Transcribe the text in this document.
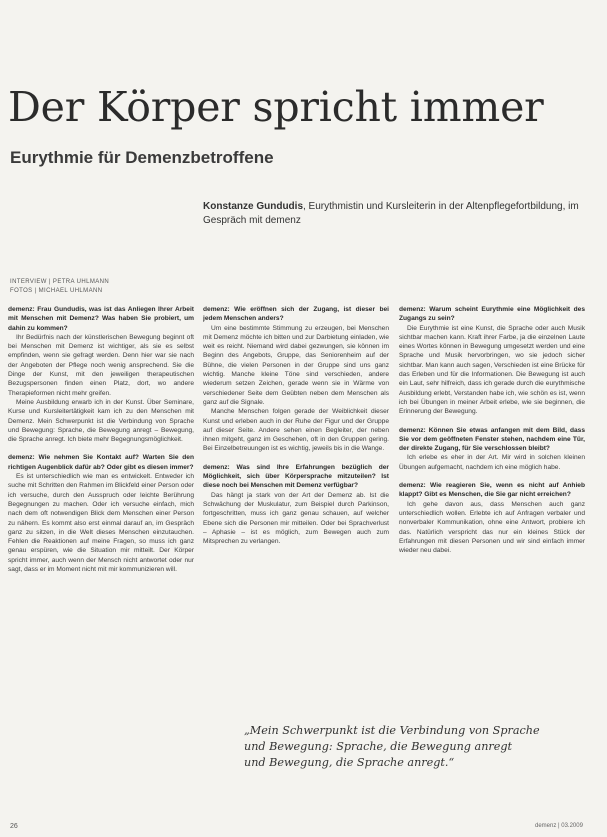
Der Körper spricht immer
Eurythmie für Demenzbetroffene
Konstanze Gundudis, Eurythmistin und Kursleiterin in der Altenpflegefortbildung, im Gespräch mit demenz
INTERVIEW | PETRA UHLMANN
FOTOS | MICHAEL UHLMANN

demenz: Frau Gundudis, was ist das Anliegen Ihrer Arbeit mit Menschen mit Demenz? Was haben Sie probiert, um dahin zu kommen?

Ihr Bedürfnis nach der künstlerischen Bewegung beginnt oft bei Menschen mit Demenz ist wichtiger, als sie es selbst empfinden, wenn sie gefragt werden. Denn hier war sie nach der Angeboten der Pflege noch wenig ansprechend. Sie die Dinge der Kunst, mit den jeweiligen therapeutischen Bezugspersonen finden einen Platz, dort, wo andere Therapieformen nicht mehr greifen.

Meine Ausbildung erwarb ich in der Kunst. Über Seminare, Kurse und Kursleitertätigkeit kam ich zu den Menschen mit Demenz. Mein Schwerpunkt ist die Verbindung von Sprache und Bewegung: Sprache, die Bewegung anregt – Bewegung, die Sprache anregt. Ich biete mehr Begegnungsmöglichkeit.

demenz: Wie nehmen Sie Kontakt auf? Warten Sie den richtigen Augenblick dafür ab? Oder gibt es diesen immer?

Es ist unterschiedlich wie man es entwickelt. Entweder ich suche mit Schritten den Rahmen im Blickfeld einer Person oder ich versuche, durch den Ausspruch oder leichte Berührung Begegnungen zu machen. Oder ich versuche einfach, mich nach dem oft notwendigen Blick dem Menschen einer Person zu nähern. Es kommt also erst einmal darauf an, im Gespräch ganz zu sitzen, in die Welt dieses Menschen einzutauchen. Fehlen die Reaktionen auf meine Fragen, so muss ich ganz genau erspüren, wie die Situation mir mitteilt. Der Körper spricht immer, auch wenn der Mensch nicht antwortet oder nur sagt, dass er im Moment nicht mit mir kommunizieren will.

demenz: Wie eröffnen sich der Zugang, ist dieser bei jedem Menschen anders?

Um eine bestimmte Stimmung zu erzeugen, bei Menschen mit Demenz möchte ich bitten und zur Darbietung einladen, wie weit es reicht. Niemand wird dabei gezwungen, sie können im Beginn des Angebots, Gruppe, das Seniorenheim auf der Bühne, die vielen Personen in der Gruppe sind uns ganz wichtig. Manche kleine Töne sind verschieden, andere wiederum setzen Zeichen, gerade wenn sie in Wärme von verschiedener Seite dem Geübten neben dem Menschen als ganz auf die Signale.

Manche Menschen folgen gerade der Weiblichkeit dieser Kunst und erleben auch in der Ruhe der Figur und der Gruppe auf dieser Seite. Andere sehen einen Begleiter, der neben ihnen mitgeht, ganz im Geschehen, oft in den Gruppen gering. Bei Einzelbetreuungen ist es wichtig, jeweils bis in die Wange.

demenz: Was sind Ihre Erfahrungen bezüglich der Möglichkeit, sich über Körpersprache mitzuteilen? Ist diese noch bei Menschen mit Demenz verfügbar?

Das hängt ja stark von der Art der Demenz ab. Ist die Schwächung der Muskulatur, zum Beispiel durch Parkinson, fortgeschritten, muss ich ganz genau schauen, auf welcher Ebene sich die Personen mir mitteilen. Oder bei Sprachverlust – Aphasie – ist es möglich, zum Bewegen auch zum Mitsprechen zu verlangen.

demenz: Warum scheint Eurythmie eine Möglichkeit des Zugangs zu sein?

Die Eurythmie ist eine Kunst, die Sprache oder auch Musik sichtbar machen kann. Kraft ihrer Farbe, ja die einzelnen Laute eines Wortes können in Bewegung umgesetzt werden und eine Sprache und Musik hervorbringen, wo sie jedoch sicher sichtbar. Man kann auch sagen, Verschieden ist eine Brücke für das Erleben und für die Informationen. Die Bewegung ist auch ein Laut, sehr hilfreich, dass ich gerade durch die eurythmische Ausbildung erlebt, Verstanden habe ich, wie schön es ist, wenn ich bei Übungen in meiner Arbeit erlebe, wie sie beginnen, die Erinnerung der Bewegung.

demenz: Können Sie etwas anfangen mit dem Bild, dass Sie vor dem geöffneten Fenster stehen, nachdem eine Tür, der direkte Zugang, für Sie verschlossen bleibt?

Ich erlebe es eher in der Art. Mir wird in solchen kleinen Übungen aufgemacht, nachdem ich eine möglich habe.

demenz: Wie reagieren Sie, wenn es nicht auf Anhieb klappt? Gibt es Menschen, die Sie gar nicht erreichen?

Ich gehe davon aus, dass Menschen auch ganz unterschiedlich wollen. Erlebte ich auf Anfragen verbaler und nonverbaler Kommunikation, ohne eine Antwort, probiere ich das. Natürlich verspricht das nur ein kleines Stück der Erfahrungen mit diesen Personen und wir sind einfach immer wieder neu dabei.

„Mein Schwerpunkt ist die Verbindung von Sprache
und Bewegung: Sprache, die Bewegung anregt
und Bewegung, die Sprache anregt.“
26	demenz | 03.2009
